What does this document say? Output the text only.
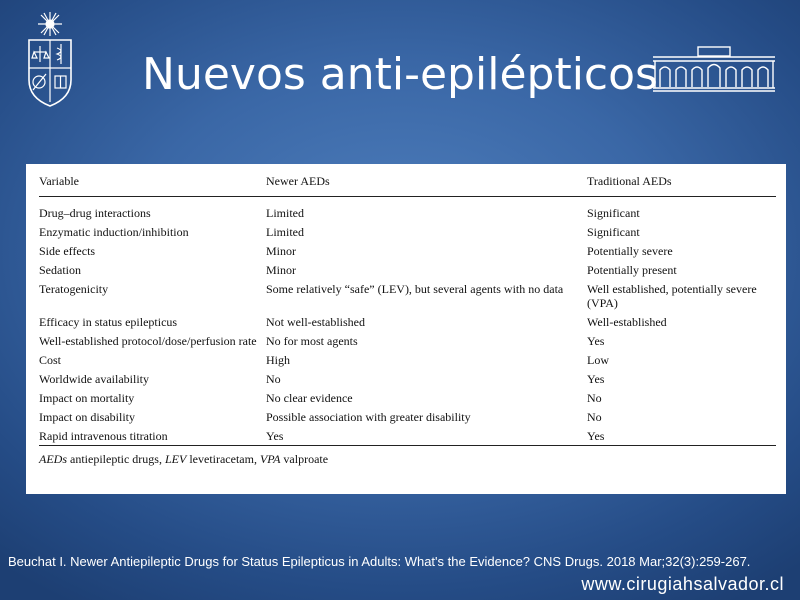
Nuevos anti-epilépticos
Variable	Newer AEDs	Traditional AEDs
Drug–drug interactions	Limited	Significant
Enzymatic induction/inhibition	Limited	Significant
Side effects	Minor	Potentially severe
Sedation	Minor	Potentially present
Teratogenicity	Some relatively “safe” (LEV), but several agents with no data	Well established, potentially severe (VPA)
Efficacy in status epilepticus	Not well-established	Well-established
Well-established protocol/dose/perfusion rate	No for most agents	Yes
Cost	High	Low
Worldwide availability	No	Yes
Impact on mortality	No clear evidence	No
Impact on disability	Possible association with greater disability	No
Rapid intravenous titration	Yes	Yes
AEDs antiepileptic drugs, LEV levetiracetam, VPA valproate		
Beuchat I. Newer Antiepileptic Drugs for Status Epilepticus in Adults: What's the Evidence? CNS Drugs. 2018 Mar;32(3):259-267.
www.cirugiahsalvador.cl
